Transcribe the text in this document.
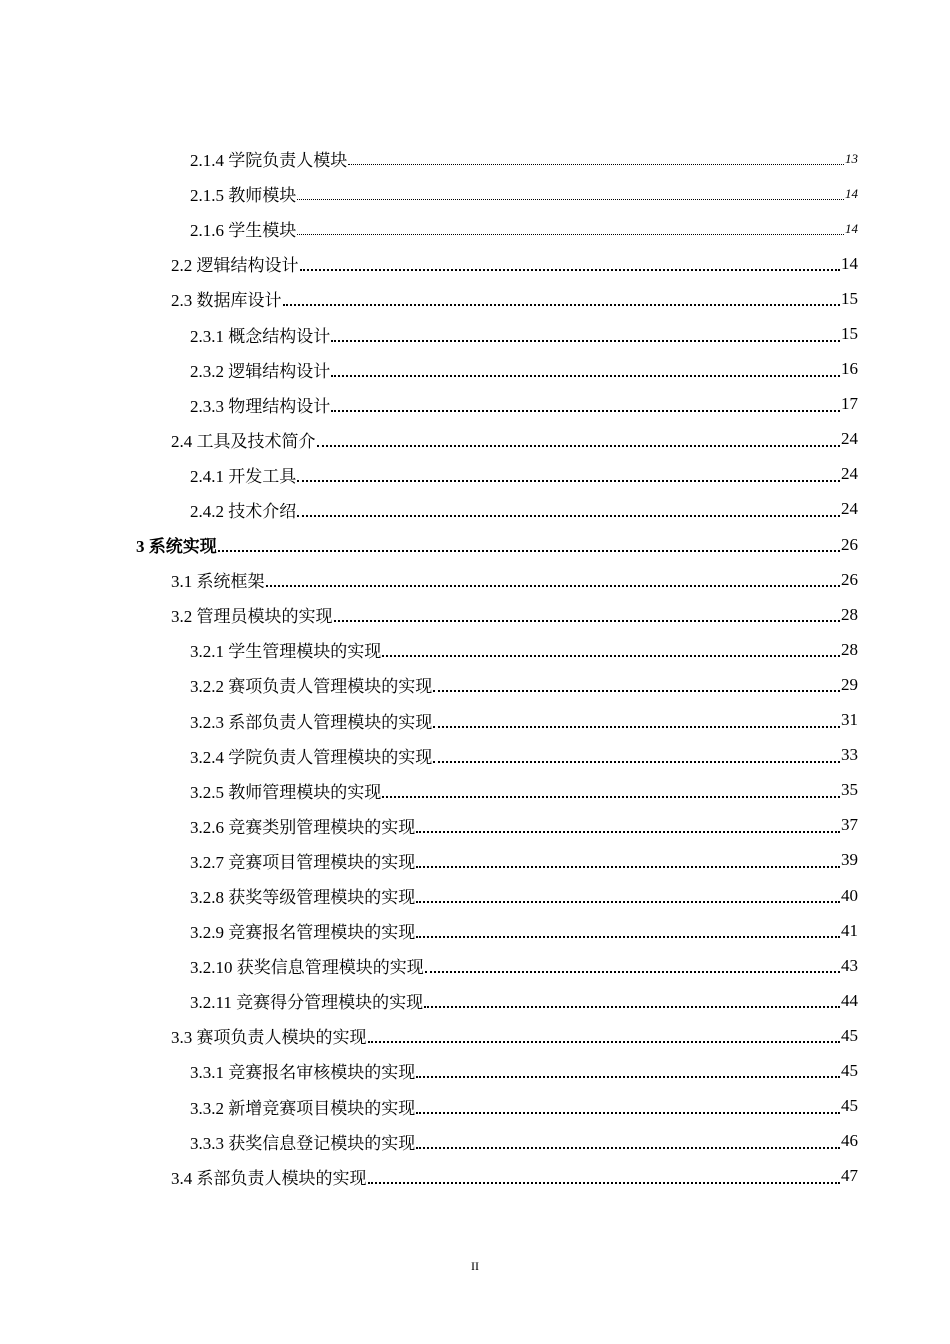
2.1.4 学院负责人模块	13
2.1.5 教师模块	14
2.1.6 学生模块	14
2.2 逻辑结构设计	14
2.3 数据库设计	15
2.3.1 概念结构设计	15
2.3.2 逻辑结构设计	16
2.3.3 物理结构设计	17
2.4 工具及技术简介	24
2.4.1 开发工具	24
2.4.2 技术介绍	24
3 系统实现	26
3.1 系统框架	26
3.2 管理员模块的实现	28
3.2.1 学生管理模块的实现	28
3.2.2 赛项负责人管理模块的实现	29
3.2.3 系部负责人管理模块的实现	31
3.2.4 学院负责人管理模块的实现	33
3.2.5 教师管理模块的实现	35
3.2.6 竞赛类别管理模块的实现	37
3.2.7 竞赛项目管理模块的实现	39
3.2.8 获奖等级管理模块的实现	40
3.2.9 竞赛报名管理模块的实现	41
3.2.10 获奖信息管理模块的实现	43
3.2.11 竞赛得分管理模块的实现	44
3.3 赛项负责人模块的实现	45
3.3.1 竞赛报名审核模块的实现	45
3.3.2 新增竞赛项目模块的实现	45
3.3.3 获奖信息登记模块的实现	46
3.4 系部负责人模块的实现	47
II
